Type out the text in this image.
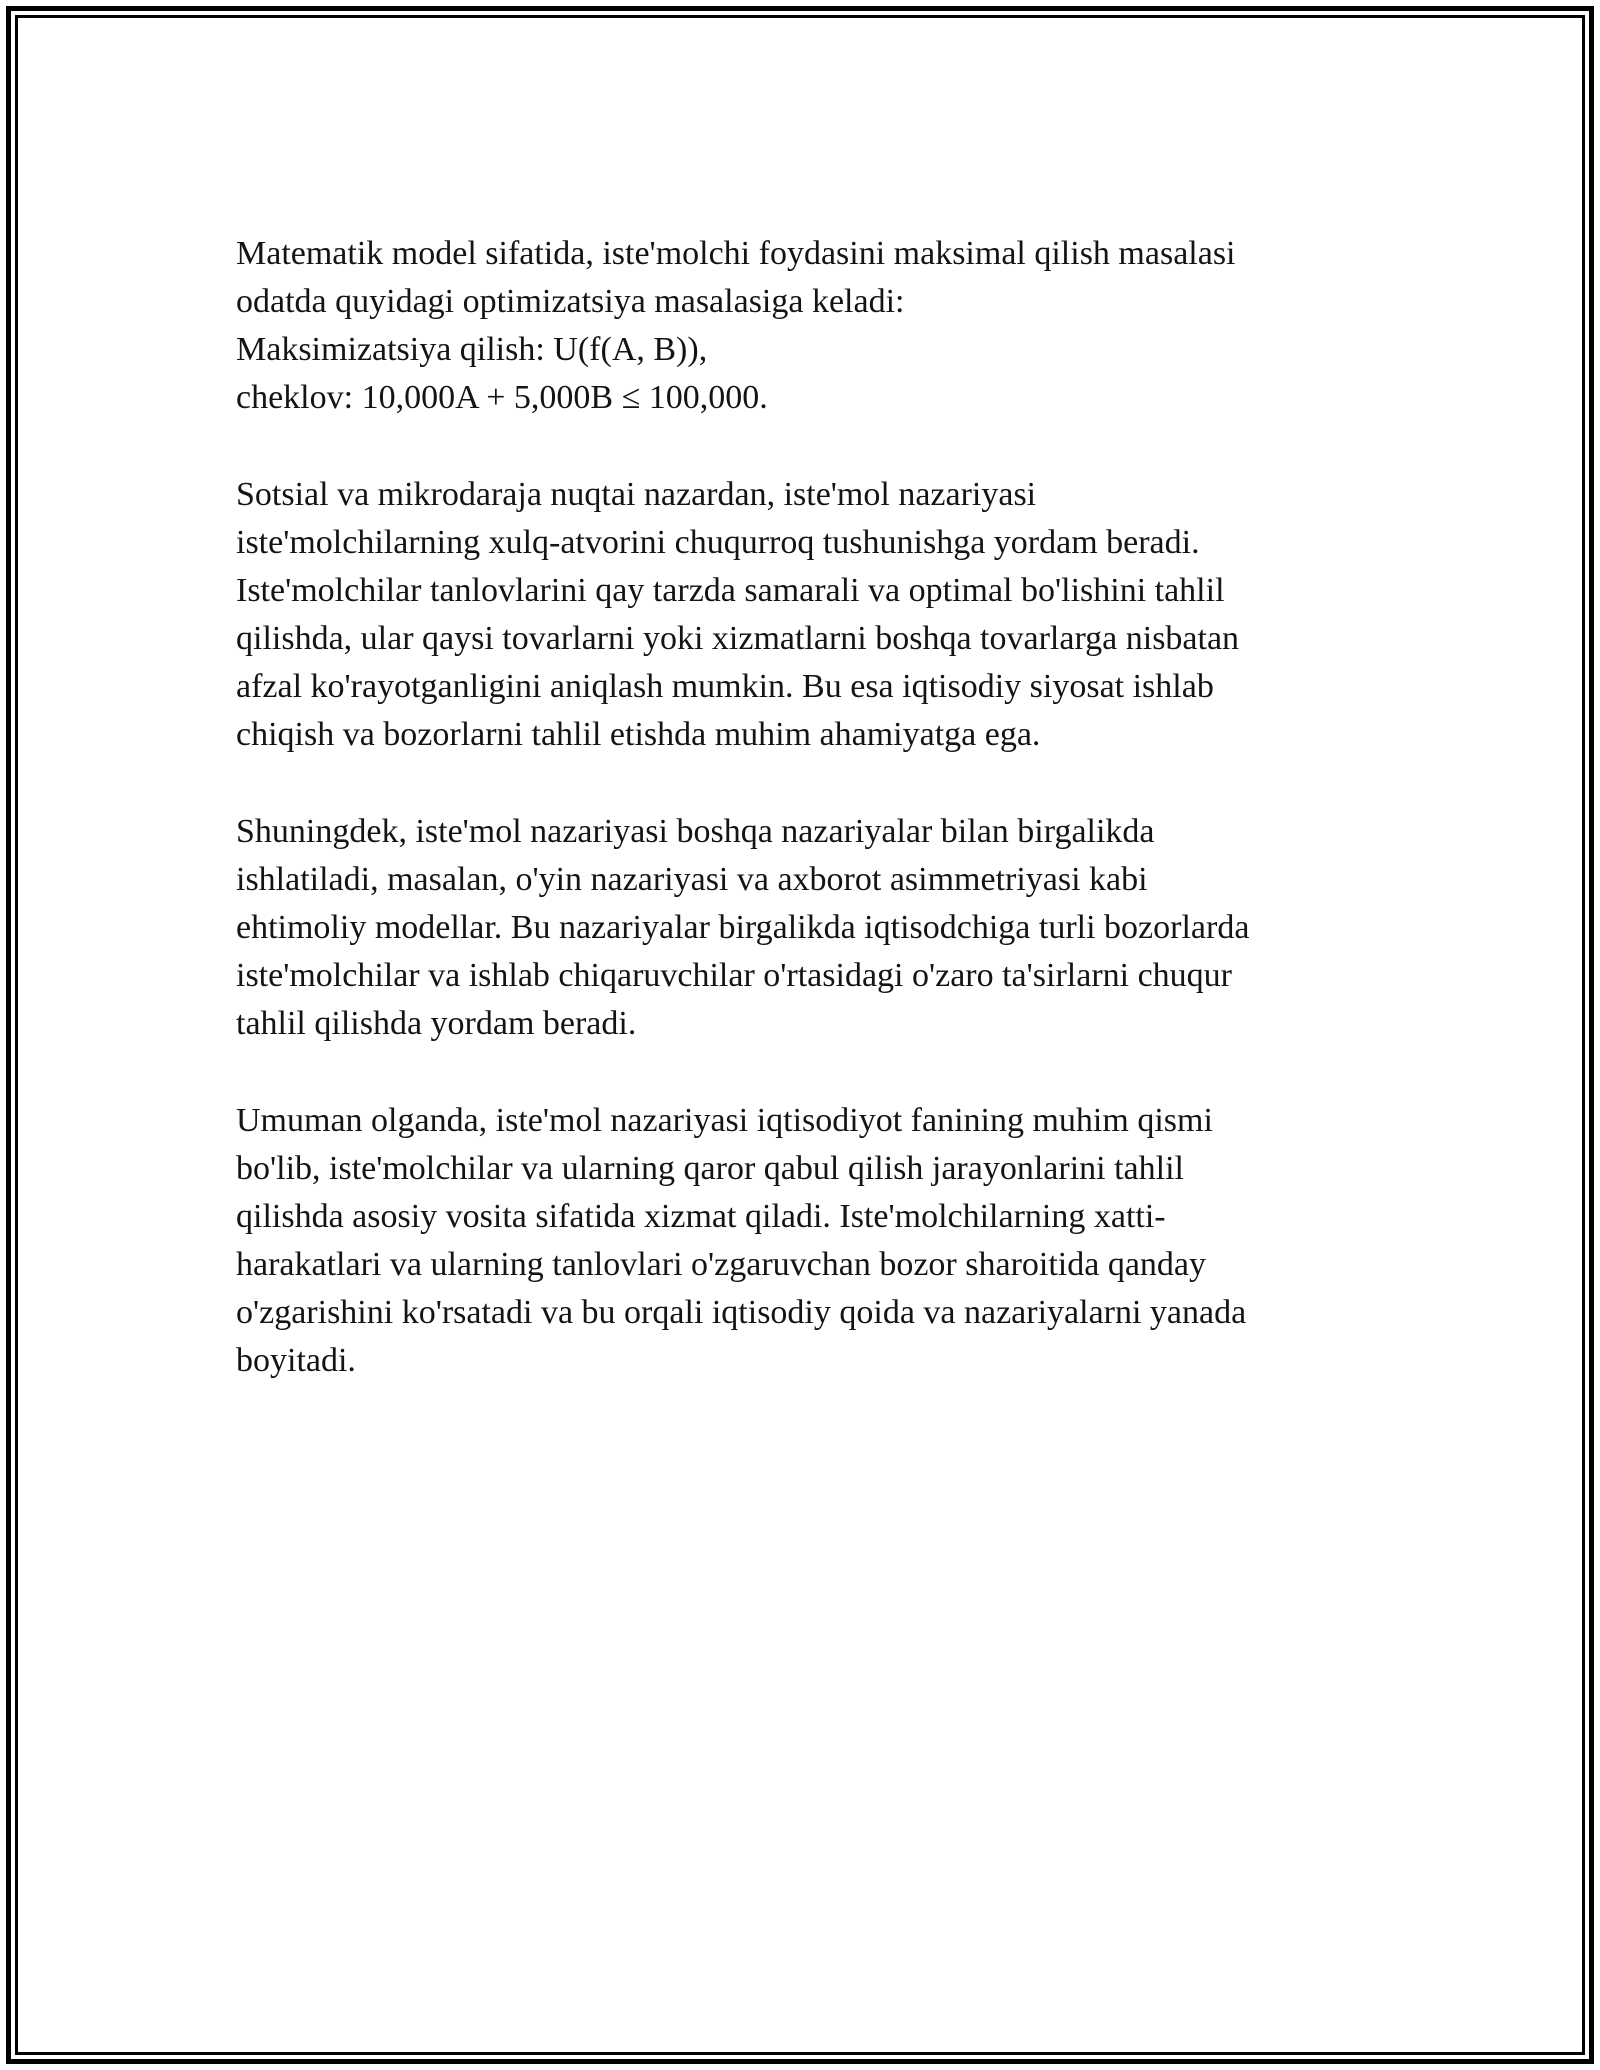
Matematik model sifatida, iste'molchi foydasini maksimal qilish masalasi
odatda quyidagi optimizatsiya masalasiga keladi:
Maksimizatsiya qilish: U(f(A, B)),
cheklov: 10,000A + 5,000B ≤ 100,000.

Sotsial va mikrodaraja nuqtai nazardan, iste'mol nazariyasi
iste'molchilarning xulq-atvorini chuqurroq tushunishga yordam beradi.
Iste'molchilar tanlovlarini qay tarzda samarali va optimal bo'lishini tahlil
qilishda, ular qaysi tovarlarni yoki xizmatlarni boshqa tovarlarga nisbatan
afzal ko'rayotganligini aniqlash mumkin. Bu esa iqtisodiy siyosat ishlab
chiqish va bozorlarni tahlil etishda muhim ahamiyatga ega.

Shuningdek, iste'mol nazariyasi boshqa nazariyalar bilan birgalikda
ishlatiladi, masalan, o'yin nazariyasi va axborot asimmetriyasi kabi
ehtimoliy modellar. Bu nazariyalar birgalikda iqtisodchiga turli bozorlarda
iste'molchilar va ishlab chiqaruvchilar o'rtasidagi o'zaro ta'sirlarni chuqur
tahlil qilishda yordam beradi.

Umuman olganda, iste'mol nazariyasi iqtisodiyot fanining muhim qismi
bo'lib, iste'molchilar va ularning qaror qabul qilish jarayonlarini tahlil
qilishda asosiy vosita sifatida xizmat qiladi. Iste'molchilarning xatti-
harakatlari va ularning tanlovlari o'zgaruvchan bozor sharoitida qanday
o'zgarishini ko'rsatadi va bu orqali iqtisodiy qoida va nazariyalarni yanada
boyitadi.
